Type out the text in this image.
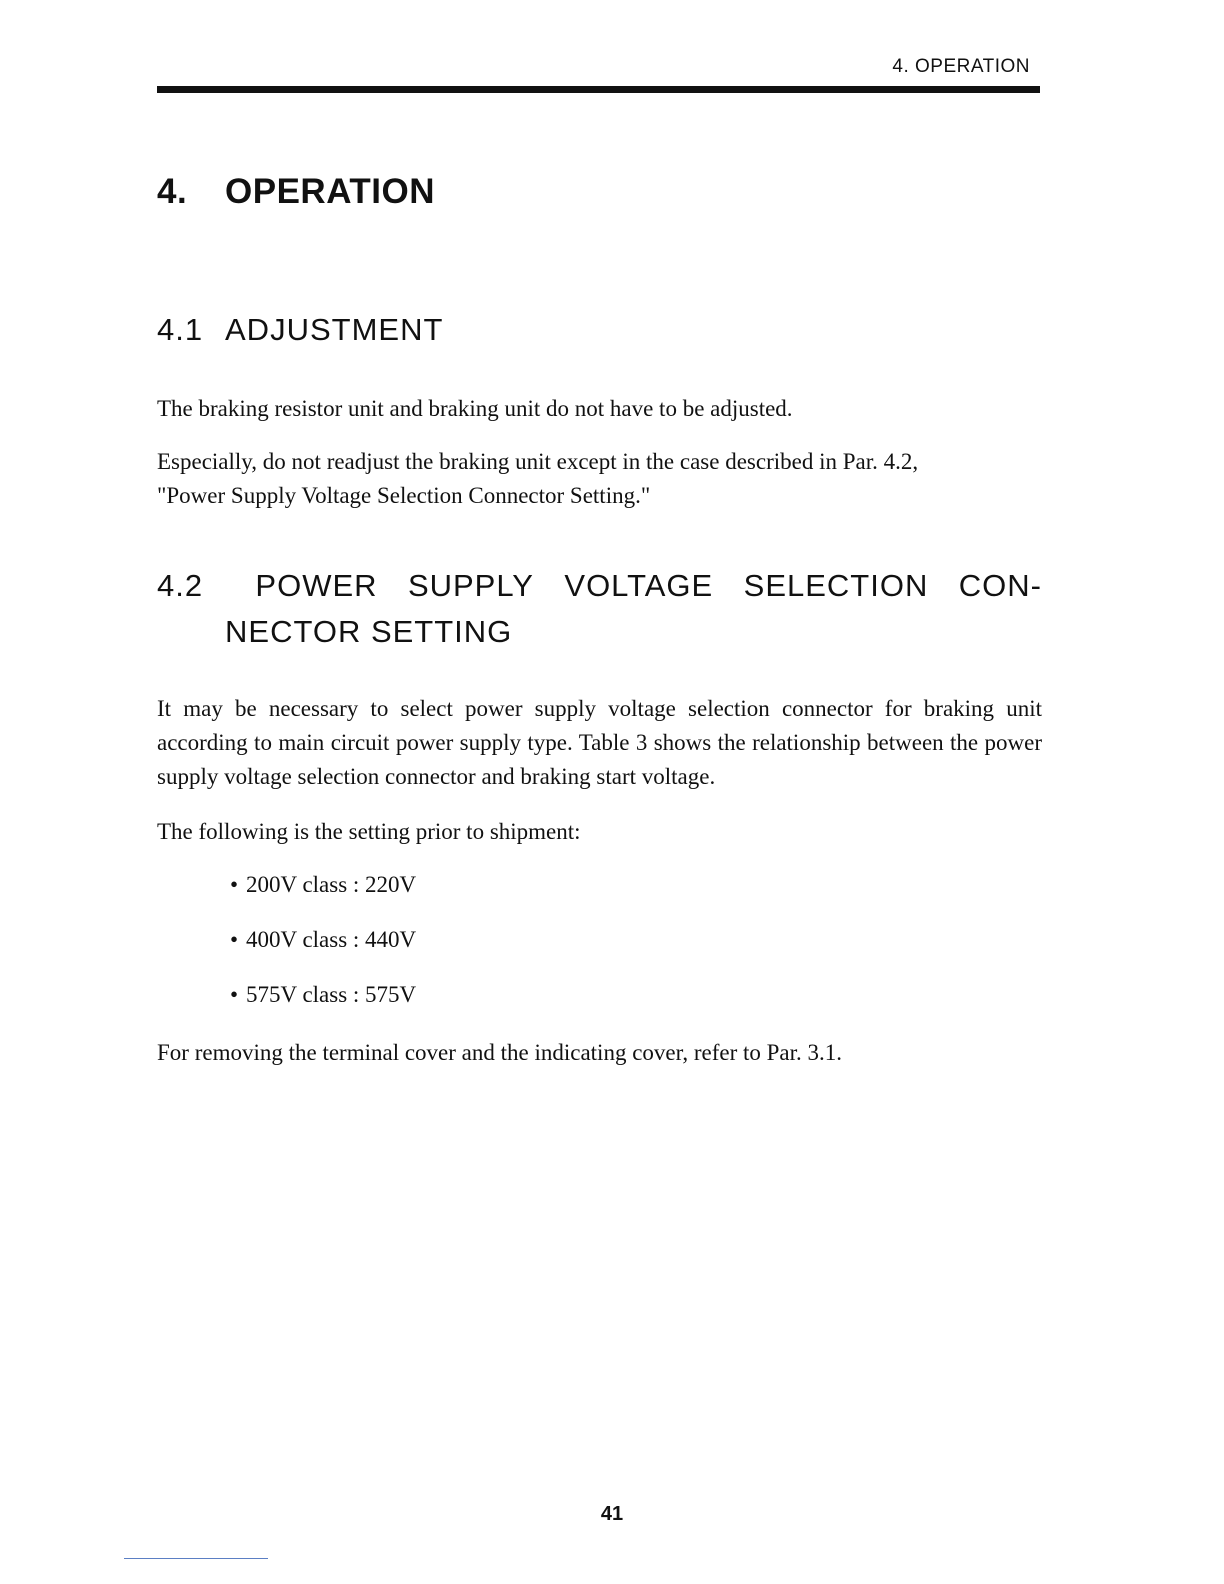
4. OPERATION
4. OPERATION
4.1 ADJUSTMENT

The braking resistor unit and braking unit do not have to be adjusted.

Especially, do not readjust the braking unit except in the case described in Par. 4.2,
"Power Supply Voltage Selection Connector Setting."

4.2	POWER SUPPLY VOLTAGE SELECTION CON-
NECTOR SETTING

It may be necessary to select power supply voltage selection connector for braking unit according to main circuit power supply type. Table 3 shows the relationship between the power supply voltage selection connector and braking start voltage.

The following is the setting prior to shipment:

• 200V class : 220V
• 400V class : 440V
• 575V class : 575V

For removing the terminal cover and the indicating cover, refer to Par. 3.1.

41
